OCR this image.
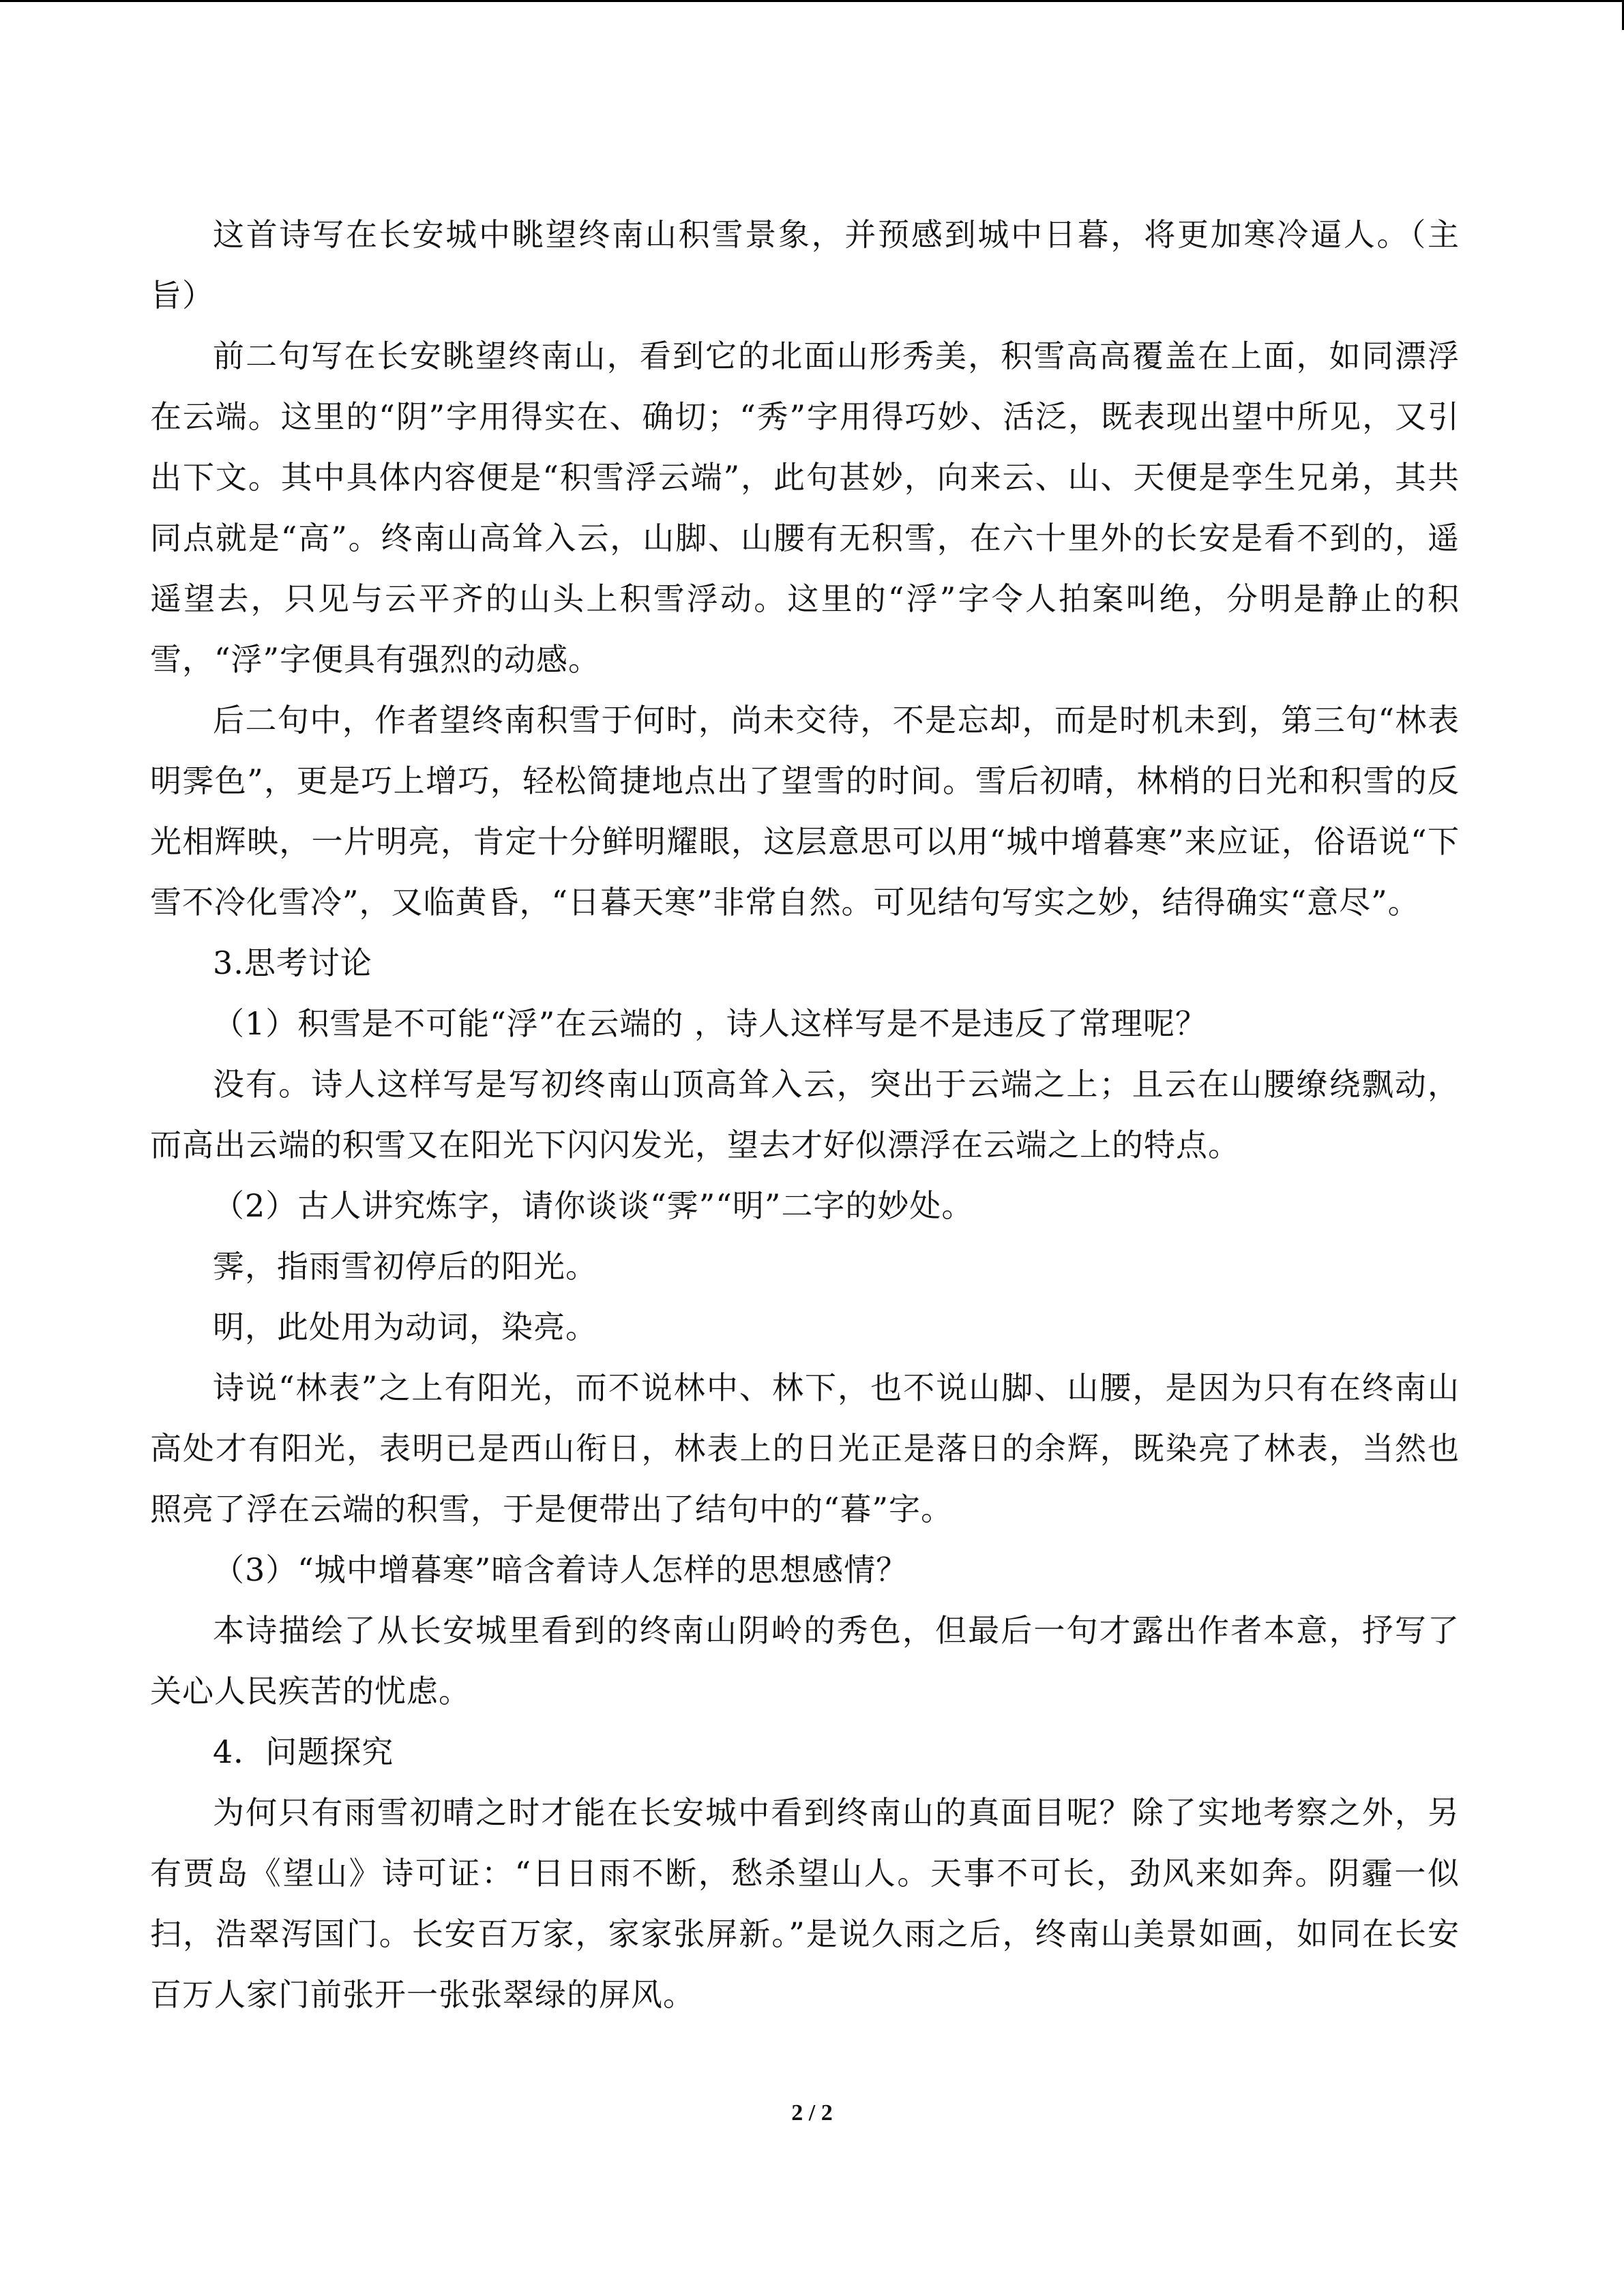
这首诗写在长安城中眺望终南山积雪景象，并预感到城中日暮，将更加寒冷逼人。（主旨）

前二句写在长安眺望终南山，看到它的北面山形秀美，积雪高高覆盖在上面，如同漂浮在云端。这里的“阴”字用得实在、确切；“秀”字用得巧妙、活泛，既表现出望中所见，又引出下文。其中具体内容便是“积雪浮云端”，此句甚妙，向来云、山、天便是孪生兄弟，其共同点就是“高”。终南山高耸入云，山脚、山腰有无积雪，在六十里外的长安是看不到的，遥遥望去，只见与云平齐的山头上积雪浮动。这里的“浮”字令人拍案叫绝，分明是静止的积雪，“浮”字便具有强烈的动感。

后二句中，作者望终南积雪于何时，尚未交待，不是忘却，而是时机未到，第三句“林表明霁色”，更是巧上增巧，轻松简捷地点出了望雪的时间。雪后初晴，林梢的日光和积雪的反光相辉映，一片明亮，肯定十分鲜明耀眼，这层意思可以用“城中增暮寒”来应证，俗语说“下雪不冷化雪冷”，又临黄昏，“日暮天寒”非常自然。可见结句写实之妙，结得确实“意尽”。

3.思考讨论

（1）积雪是不可能“浮”在云端的 ，诗人这样写是不是违反了常理呢？

没有。诗人这样写是写初终南山顶高耸入云，突出于云端之上；且云在山腰缭绕飘动，而高出云端的积雪又在阳光下闪闪发光，望去才好似漂浮在云端之上的特点。

（2）古人讲究炼字，请你谈谈“霁”“明”二字的妙处。

霁，指雨雪初停后的阳光。

明，此处用为动词，染亮。

诗说“林表”之上有阳光，而不说林中、林下，也不说山脚、山腰，是因为只有在终南山高处才有阳光，表明已是西山衔日，林表上的日光正是落日的余辉，既染亮了林表，当然也照亮了浮在云端的积雪，于是便带出了结句中的“暮”字。

（3）“城中增暮寒”暗含着诗人怎样的思想感情？

本诗描绘了从长安城里看到的终南山阴岭的秀色，但最后一句才露出作者本意，抒写了关心人民疾苦的忧虑。

4．问题探究

为何只有雨雪初晴之时才能在长安城中看到终南山的真面目呢？除了实地考察之外，另有贾岛《望山》诗可证：“日日雨不断，愁杀望山人。天事不可长，劲风来如奔。阴霾一似扫，浩翠泻国门。长安百万家，家家张屏新。”是说久雨之后，终南山美景如画，如同在长安百万人家门前张开一张张翠绿的屏风。

2 / 2
